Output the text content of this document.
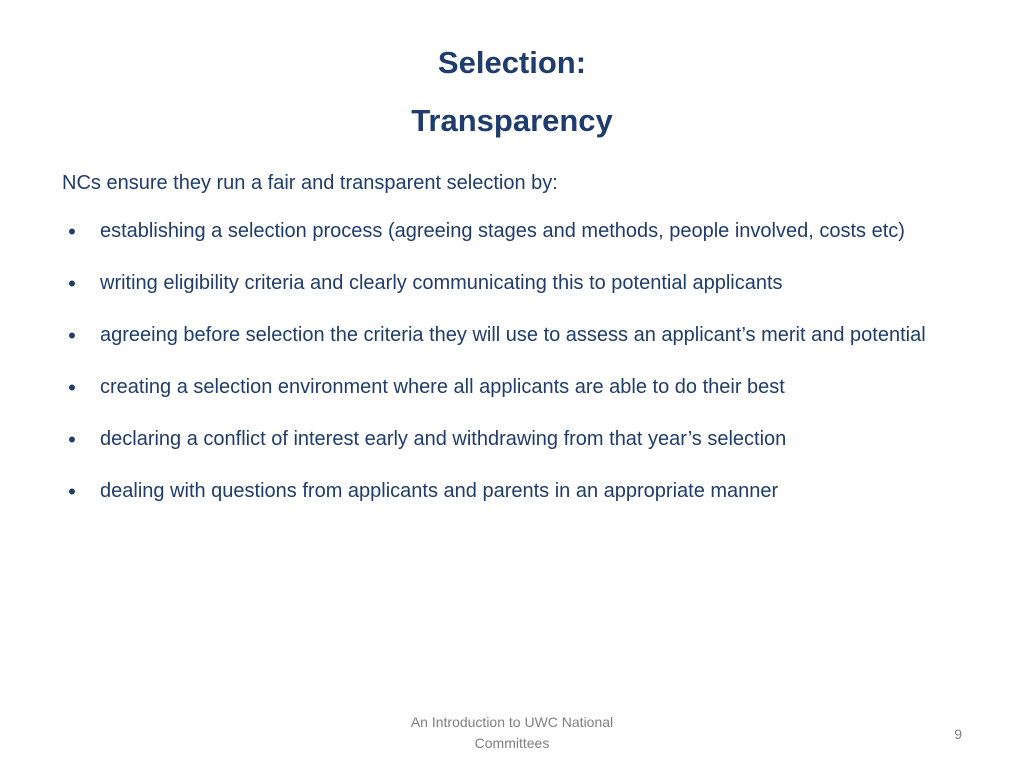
Selection:
Transparency

NCs ensure they run a fair and transparent selection by:

•	establishing a selection process (agreeing stages and methods, people involved, costs etc)
•	writing eligibility criteria and clearly communicating this to potential applicants
•	agreeing before selection the criteria they will use to assess an applicant’s merit and potential
•	creating a selection environment where all applicants are able to do their best
•	declaring a conflict of interest early and withdrawing from that year’s selection
•	dealing with questions from applicants and parents in an appropriate manner
An Introduction to UWC National
Committees
9
